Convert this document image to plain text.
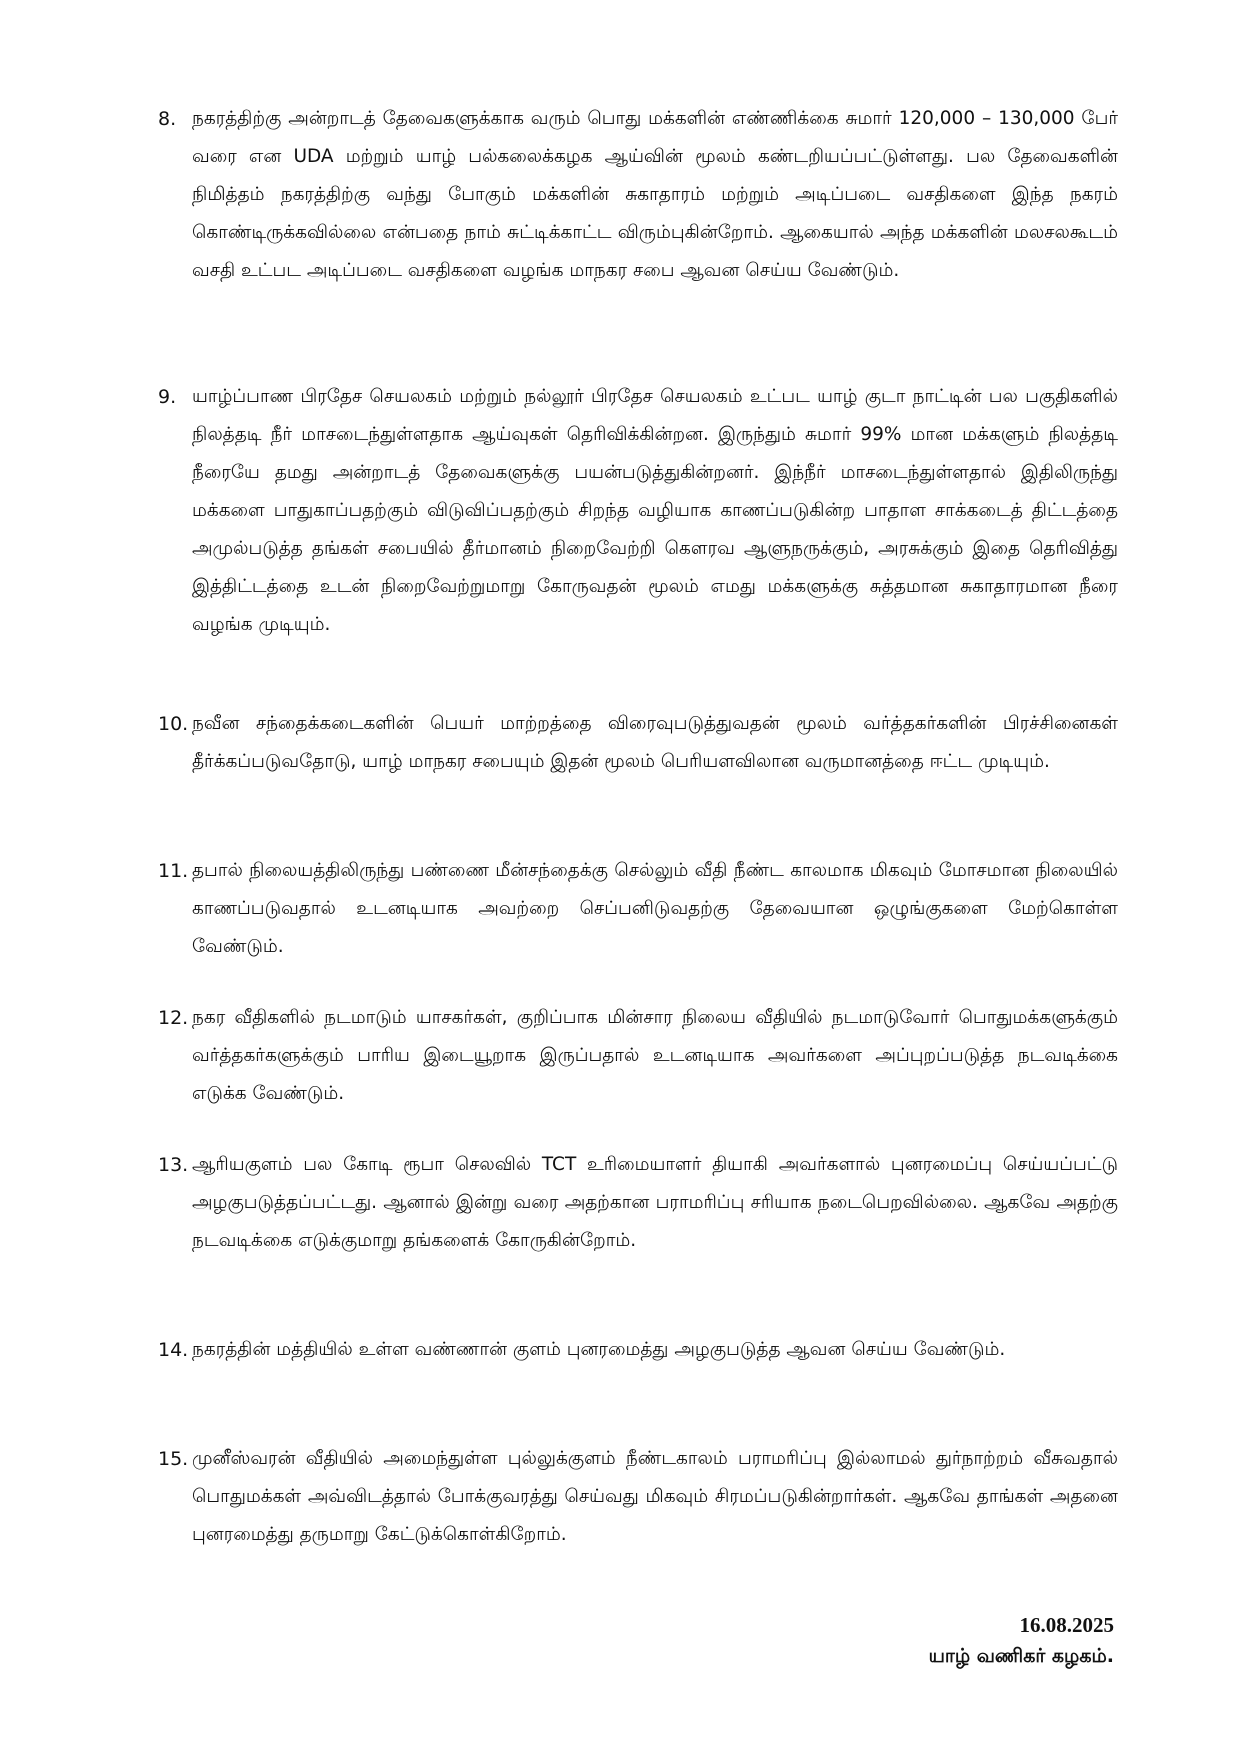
8. நகரத்திற்கு அன்றாடத் தேவைகளுக்காக வரும் பொது மக்களின் எண்ணிக்கை சுமார் 120,000 – 130,000 பேர் வரை என UDA மற்றும் யாழ் பல்கலைக்கழக ஆய்வின் மூலம் கண்டறியப்பட்டுள்ளது. பல தேவைகளின் நிமித்தம் நகரத்திற்கு வந்து போகும் மக்களின் சுகாதாரம் மற்றும் அடிப்படை வசதிகளை இந்த நகரம் கொண்டிருக்கவில்லை என்பதை நாம் சுட்டிக்காட்ட விரும்புகின்றோம். ஆகையால் அந்த மக்களின் மலசலகூடம் வசதி உட்பட அடிப்படை வசதிகளை வழங்க மாநகர சபை ஆவன செய்ய வேண்டும்.
9. யாழ்ப்பாண பிரதேச செயலகம் மற்றும் நல்லூர் பிரதேச செயலகம் உட்பட யாழ் குடா நாட்டின் பல பகுதிகளில் நிலத்தடி நீர் மாசடைந்துள்ளதாக ஆய்வுகள் தெரிவிக்கின்றன. இருந்தும் சுமார் 99% மான மக்களும் நிலத்தடி நீரையே தமது அன்றாடத் தேவைகளுக்கு பயன்படுத்துகின்றனர். இந்நீர் மாசடைந்துள்ளதால் இதிலிருந்து மக்களை பாதுகாப்பதற்கும் விடுவிப்பதற்கும் சிறந்த வழியாக காணப்படுகின்ற பாதாள சாக்கடைத் திட்டத்தை அமுல்படுத்த தங்கள் சபையில் தீர்மானம் நிறைவேற்றி கௌரவ ஆளுநருக்கும், அரசுக்கும் இதை தெரிவித்து இத்திட்டத்தை உடன் நிறைவேற்றுமாறு கோருவதன் மூலம் எமது மக்களுக்கு சுத்தமான சுகாதாரமான நீரை வழங்க முடியும்.
10. நவீன சந்தைக்கடைகளின் பெயர் மாற்றத்தை விரைவுபடுத்துவதன் மூலம் வர்த்தகர்களின் பிரச்சினைகள் தீர்க்கப்படுவதோடு, யாழ் மாநகர சபையும் இதன் மூலம் பெரியளவிலான வருமானத்தை ஈட்ட முடியும்.
11. தபால் நிலையத்திலிருந்து பண்ணை மீன்சந்தைக்கு செல்லும் வீதி நீண்ட காலமாக மிகவும் மோசமான நிலையில் காணப்படுவதால் உடனடியாக அவற்றை செப்பனிடுவதற்கு தேவையான ஒழுங்குகளை மேற்கொள்ள வேண்டும்.
12. நகர வீதிகளில் நடமாடும் யாசகர்கள், குறிப்பாக மின்சார நிலைய வீதியில் நடமாடுவோர் பொதுமக்களுக்கும் வர்த்தகர்களுக்கும் பாரிய இடையூறாக இருப்பதால் உடனடியாக அவர்களை அப்புறப்படுத்த நடவடிக்கை எடுக்க வேண்டும்.
13. ஆரியகுளம் பல கோடி ரூபா செலவில் TCT உரிமையாளர் தியாகி அவர்களால் புனரமைப்பு செய்யப்பட்டு அழகுபடுத்தப்பட்டது. ஆனால் இன்று வரை அதற்கான பராமரிப்பு சரியாக நடைபெறவில்லை. ஆகவே அதற்கு நடவடிக்கை எடுக்குமாறு தங்களைக் கோருகின்றோம்.
14. நகரத்தின் மத்தியில் உள்ள வண்ணான் குளம் புனரமைத்து அழகுபடுத்த ஆவன செய்ய வேண்டும்.
15. முனீஸ்வரன் வீதியில் அமைந்துள்ள புல்லுக்குளம் நீண்டகாலம் பராமரிப்பு இல்லாமல் துர்நாற்றம் வீசுவதால் பொதுமக்கள் அவ்விடத்தால் போக்குவரத்து செய்வது மிகவும் சிரமப்படுகின்றார்கள். ஆகவே தாங்கள் அதனை புனரமைத்து தருமாறு கேட்டுக்கொள்கிறோம்.
16.08.2025
யாழ் வணிகர் கழகம்.
